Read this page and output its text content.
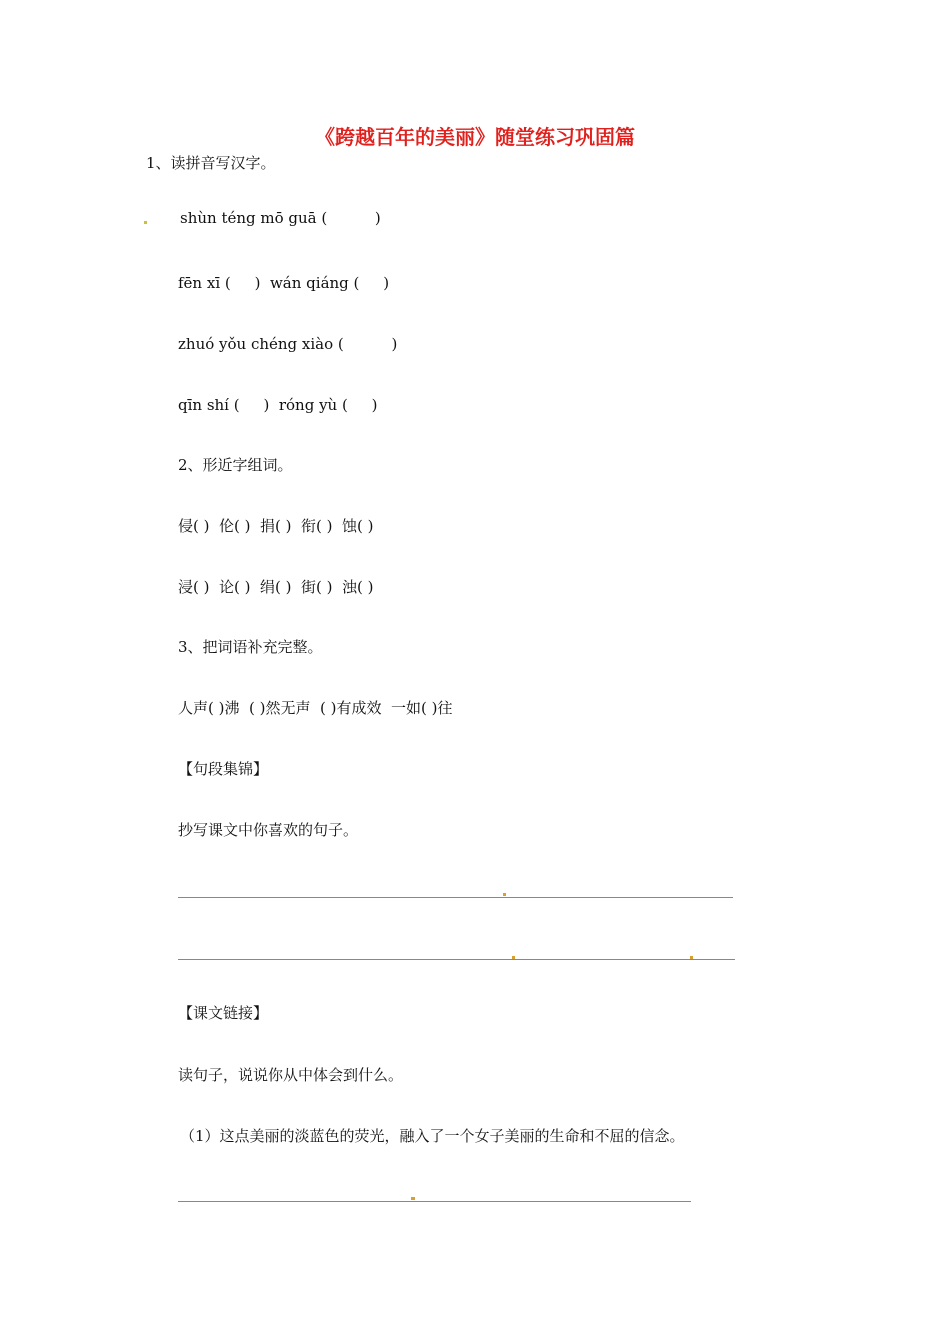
《跨越百年的美丽》随堂练习巩固篇
1、读拼音写汉字。
shùn téng mō guā (          )
fēn xī (     )  wán qiáng (     )
zhuó yǒu chéng xiào (          )
qīn shí (     )  róng yù (     )
2、形近字组词。
侵( )  伦( )  捐( )  衔( )  蚀( )
浸( )  论( )  绢( )  街( )  浊( )
3、把词语补充完整。
人声( )沸  ( )然无声  ( )有成效  一如( )往
【句段集锦】
抄写课文中你喜欢的句子。
【课文链接】
读句子，说说你从中体会到什么。
（1）这点美丽的淡蓝色的荧光，融入了一个女子美丽的生命和不屈的信念。
